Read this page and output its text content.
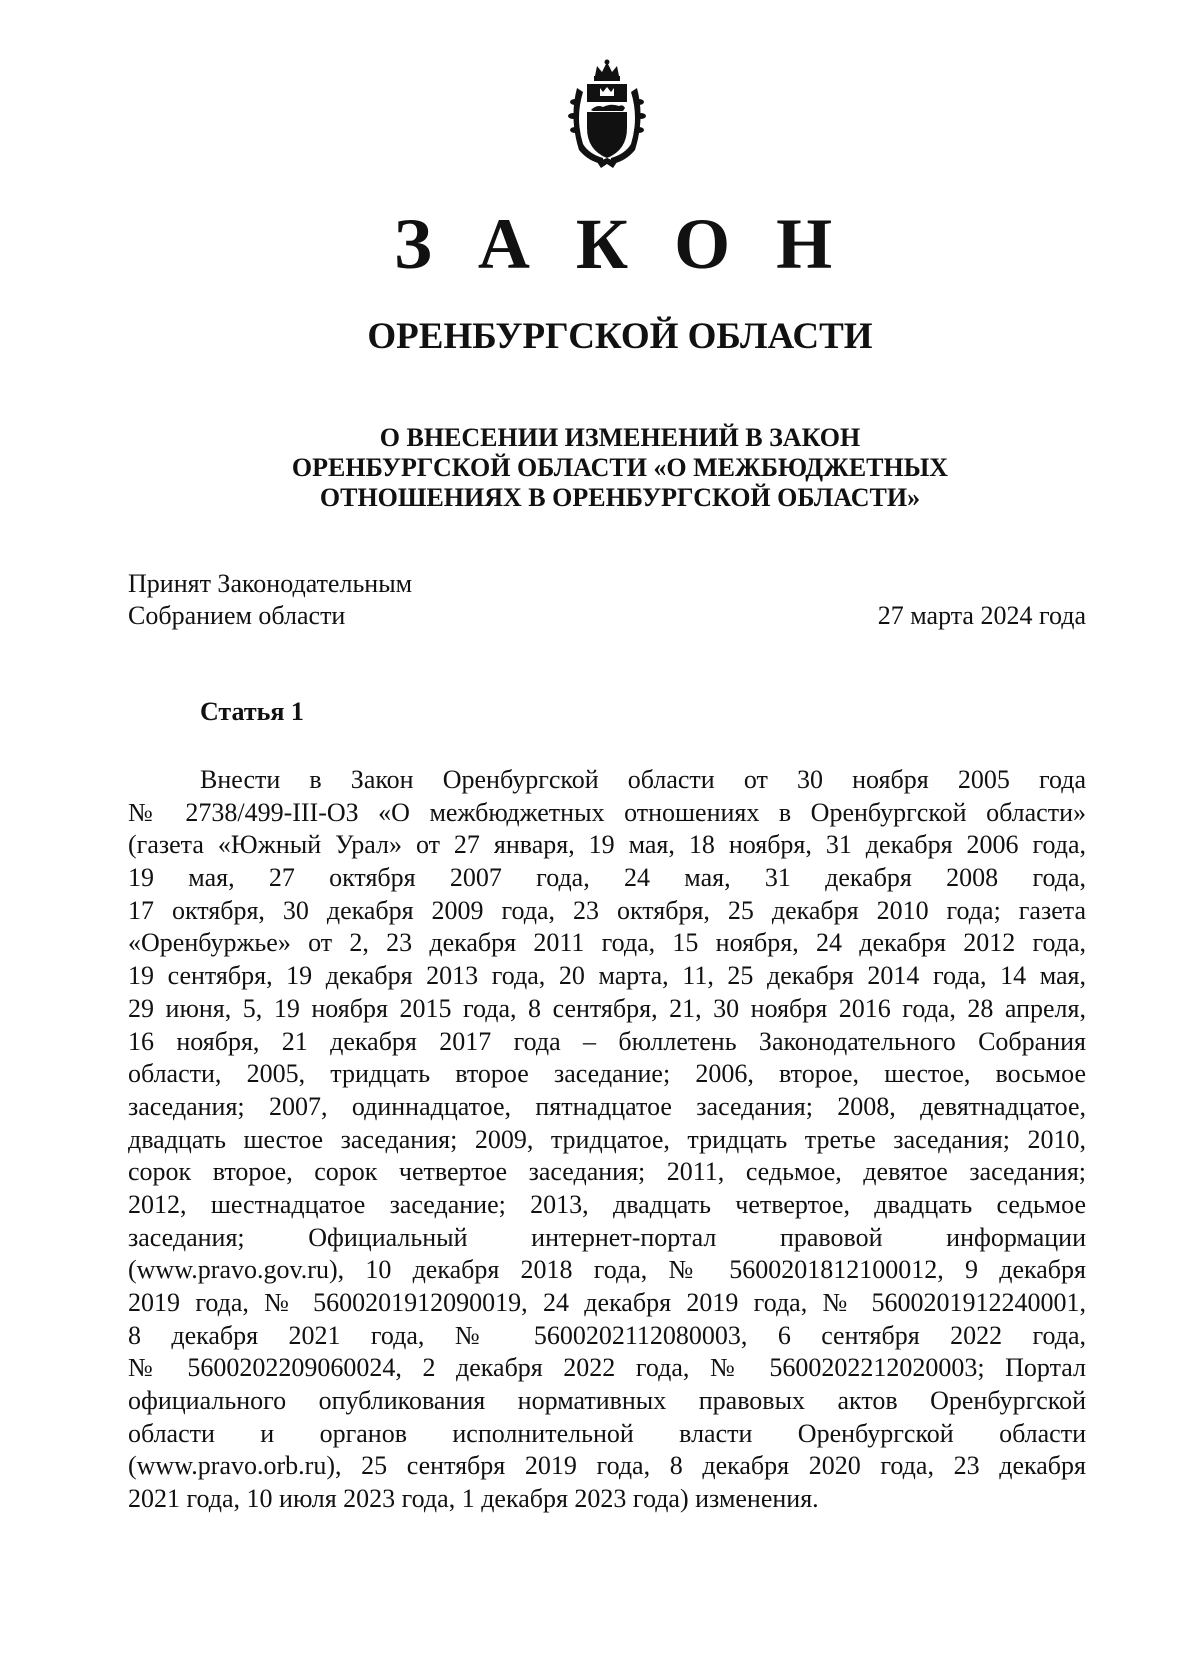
З А К О Н
ОРЕНБУРГСКОЙ ОБЛАСТИ
О ВНЕСЕНИИ ИЗМЕНЕНИЙ В ЗАКОН
ОРЕНБУРГСКОЙ ОБЛАСТИ «О МЕЖБЮДЖЕТНЫХ
ОТНОШЕНИЯХ В ОРЕНБУРГСКОЙ ОБЛАСТИ»
Принят Законодательным
Собранием области	27 марта 2024 года
Статья 1
Внести в Закон Оренбургской области от 30 ноября 2005 года
№ 2738/499-III-ОЗ «О межбюджетных отношениях в Оренбургской области»
(газета «Южный Урал» от 27 января, 19 мая, 18 ноября, 31 декабря 2006 года,
19 мая, 27 октября 2007 года, 24 мая, 31 декабря 2008 года,
17 октября, 30 декабря 2009 года, 23 октября, 25 декабря 2010 года; газета
«Оренбуржье» от 2, 23 декабря 2011 года, 15 ноября, 24 декабря 2012 года,
19 сентября, 19 декабря 2013 года, 20 марта, 11, 25 декабря 2014 года, 14 мая,
29 июня, 5, 19 ноября 2015 года, 8 сентября, 21, 30 ноября 2016 года, 28 апреля,
16 ноября, 21 декабря 2017 года – бюллетень Законодательного Собрания
области, 2005, тридцать второе заседание; 2006, второе, шестое, восьмое
заседания; 2007, одиннадцатое, пятнадцатое заседания; 2008, девятнадцатое,
двадцать шестое заседания; 2009, тридцатое, тридцать третье заседания; 2010,
сорок второе, сорок четвертое заседания; 2011, седьмое, девятое заседания;
2012, шестнадцатое заседание; 2013, двадцать четвертое, двадцать седьмое
заседания; Официальный интернет-портал правовой информации
(www.pravo.gov.ru), 10 декабря 2018 года, № 5600201812100012, 9 декабря
2019 года, № 5600201912090019, 24 декабря 2019 года, № 5600201912240001,
8 декабря 2021 года, № 5600202112080003, 6 сентября 2022 года,
№ 5600202209060024, 2 декабря 2022 года, № 5600202212020003; Портал
официального опубликования нормативных правовых актов Оренбургской
области и органов исполнительной власти Оренбургской области
(www.pravo.orb.ru), 25 сентября 2019 года, 8 декабря 2020 года, 23 декабря
2021 года, 10 июля 2023 года, 1 декабря 2023 года) изменения.
